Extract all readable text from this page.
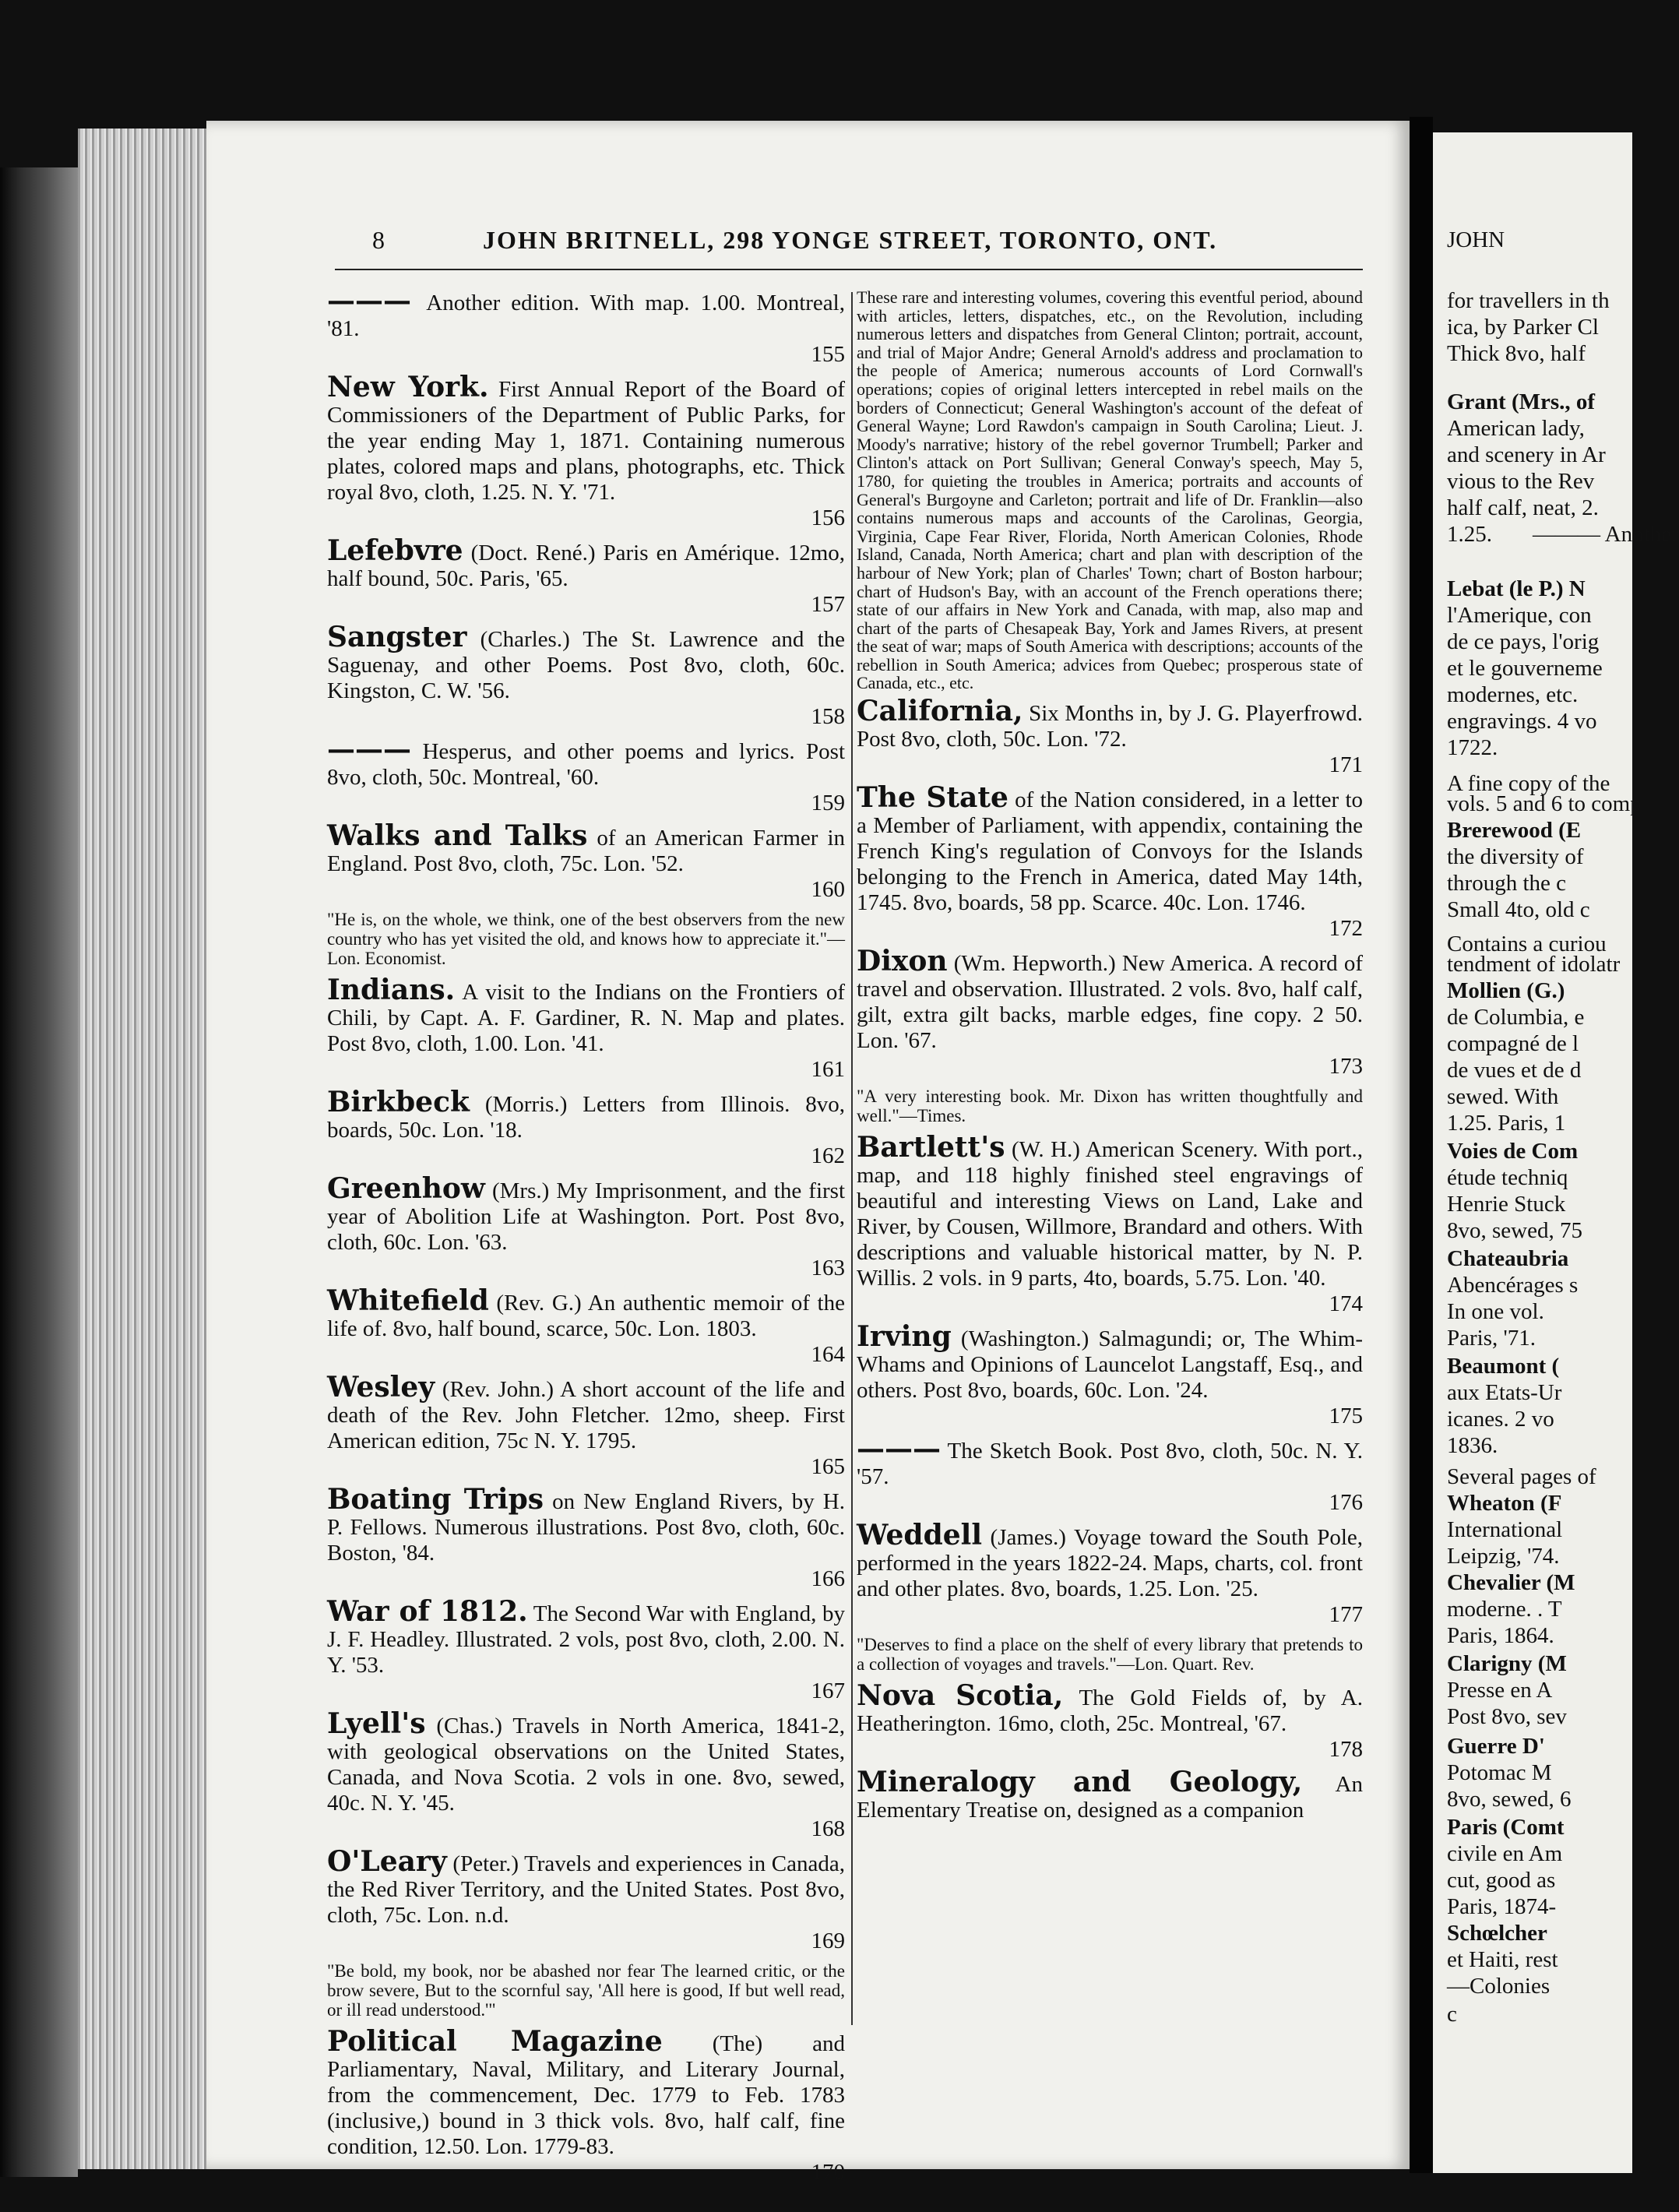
8	JOHN BRITNELL, 298 YONGE STREET, TORONTO, ONT.
——— Another edition. With map. 1.00. Montreal, '81.
155
New York. First Annual Report of the Board of Commissioners of the Department of Public Parks, for the year ending May 1, 1871. Containing numerous plates, colored maps and plans, photographs, etc. Thick royal 8vo, cloth, 1.25. N. Y. '71.
156
Lefebvre (Doct. René.) Paris en Amérique. 12mo, half bound, 50c. Paris, '65.
157
Sangster (Charles.) The St. Lawrence and the Saguenay, and other Poems. Post 8vo, cloth, 60c. Kingston, C. W. '56.
158
——— Hesperus, and other poems and lyrics. Post 8vo, cloth, 50c. Montreal, '60.
159
Walks and Talks of an American Farmer in England. Post 8vo, cloth, 75c. Lon. '52.
160
"He is, on the whole, we think, one of the best observers from the new country who has yet visited the old, and knows how to appreciate it."—Lon. Economist.
Indians. A visit to the Indians on the Frontiers of Chili, by Capt. A. F. Gardiner, R. N. Map and plates. Post 8vo, cloth, 1.00. Lon. '41.
161
Birkbeck (Morris.) Letters from Illinois. 8vo, boards, 50c. Lon. '18.
162
Greenhow (Mrs.) My Imprisonment, and the first year of Abolition Life at Washington. Port. Post 8vo, cloth, 60c. Lon. '63.
163
Whitefield (Rev. G.) An authentic memoir of the life of. 8vo, half bound, scarce, 50c. Lon. 1803.
164
Wesley (Rev. John.) A short account of the life and death of the Rev. John Fletcher. 12mo, sheep. First American edition, 75c N. Y. 1795.
165
Boating Trips on New England Rivers, by H. P. Fellows. Numerous illustrations. Post 8vo, cloth, 60c. Boston, '84.
166
War of 1812. The Second War with England, by J. F. Headley. Illustrated. 2 vols, post 8vo, cloth, 2.00. N. Y. '53.
167
Lyell's (Chas.) Travels in North America, 1841-2, with geological observations on the United States, Canada, and Nova Scotia. 2 vols in one. 8vo, sewed, 40c. N. Y. '45.
168
O'Leary (Peter.) Travels and experiences in Canada, the Red River Territory, and the United States. Post 8vo, cloth, 75c. Lon. n.d.
169
"Be bold, my book, nor be abashed nor fear The learned critic, or the brow severe, But to the scornful say, 'All here is good, If but well read, or ill read understood.'"
Political Magazine (The) and Parliamentary, Naval, Military, and Literary Journal, from the commencement, Dec. 1779 to Feb. 1783 (inclusive,) bound in 3 thick vols. 8vo, half calf, fine condition, 12.50. Lon. 1779-83.
170
These rare and interesting volumes, covering this eventful period, abound with articles, letters, dispatches, etc., on the Revolution, including numerous letters and dispatches from General Clinton; portrait, account, and trial of Major Andre; General Arnold's address and proclamation to the people of America; numerous accounts of Lord Cornwall's operations; copies of original letters intercepted in rebel mails on the borders of Connecticut; General Washington's account of the defeat of General Wayne; Lord Rawdon's campaign in South Carolina; Lieut. J. Moody's narrative; history of the rebel governor Trumbell; Parker and Clinton's attack on Port Sullivan; General Conway's speech, May 5, 1780, for quieting the troubles in America; portraits and accounts of General's Burgoyne and Carleton; portrait and life of Dr. Franklin—also contains numerous maps and accounts of the Carolinas, Georgia, Virginia, Cape Fear River, Florida, North American Colonies, Rhode Island, Canada, North America; chart and plan with description of the harbour of New York; plan of Charles' Town; chart of Boston harbour; chart of Hudson's Bay, with an account of the French operations there; state of our affairs in New York and Canada, with map, also map and chart of the parts of Chesapeak Bay, York and James Rivers, at present the seat of war; maps of South America with descriptions; accounts of the rebellion in South America; advices from Quebec; prosperous state of Canada, etc., etc.
California, Six Months in, by J. G. Playerfrowd. Post 8vo, cloth, 50c. Lon. '72.
171
The State of the Nation considered, in a letter to a Member of Parliament, with appendix, containing the French King's regulation of Convoys for the Islands belonging to the French in America, dated May 14th, 1745. 8vo, boards, 58 pp. Scarce. 40c. Lon. 1746.
172
Dixon (Wm. Hepworth.) New America. A record of travel and observation. Illustrated. 2 vols. 8vo, half calf, gilt, extra gilt backs, marble edges, fine copy. 2 50. Lon. '67.
173
"A very interesting book. Mr. Dixon has written thoughtfully and well."—Times.
Bartlett's (W. H.) American Scenery. With port., map, and 118 highly finished steel engravings of beautiful and interesting Views on Land, Lake and River, by Cousen, Willmore, Brandard and others. With descriptions and valuable historical matter, by N. P. Willis. 2 vols. in 9 parts, 4to, boards, 5.75. Lon. '40.
174
Irving (Washington.) Salmagundi; or, The Whim-Whams and Opinions of Launcelot Langstaff, Esq., and others. Post 8vo, boards, 60c. Lon. '24.
175
——— The Sketch Book. Post 8vo, cloth, 50c. N. Y. '57.
176
Weddell (James.) Voyage toward the South Pole, performed in the years 1822-24. Maps, charts, col. front and other plates. 8vo, boards, 1.25. Lon. '25.
177
"Deserves to find a place on the shelf of every library that pretends to a collection of voyages and travels."—Lon. Quart. Rev.
Nova Scotia, The Gold Fields of, by A. Heatherington. 16mo, cloth, 25c. Montreal, '67.
178
Mineralogy and Geology, An Elementary Treatise on, designed as a companion
JOHN
for travellers in th
ica, by Parker Cl
Thick 8vo, half
Grant (Mrs., of
American lady,
and scenery in Ar
vious to the Rev
half calf, neat, 2.
1.25. ——— Another
Lebat (le P.) N
l'Amerique, con
de ce pays, l'orig
et le gouverneme
modernes, etc.
engravings. 4 vo
1722.
A fine copy of the
vols. 5 and 6 to comp
Brerewood (E
the diversity of
through the c
Small 4to, old c
Contains a curiou
tendment of idolatr
Mollien (G.)
de Columbia, e
compagné de l
de vues et de d
sewed. With
1.25. Paris, 1
Voies de Com
étude techniq
Henrie Stuck
8vo, sewed, 75
Chateaubria
Abencérages s
In one vol.
Paris, '71.
Beaumont (
aux Etats-Ur
icanes. 2 vo
1836.
Several pages of
Wheaton (F
International
Leipzig, '74.
Chevalier (M
moderne. . T
Paris, 1864.
Clarigny (M
Presse en A
Post 8vo, sev
Guerre D'
Potomac M
8vo, sewed, 6
Paris (Comt
civile en Am
cut, good as
Paris, 1874-
Schœlcher
et Haiti, rest
—Colonies
c
